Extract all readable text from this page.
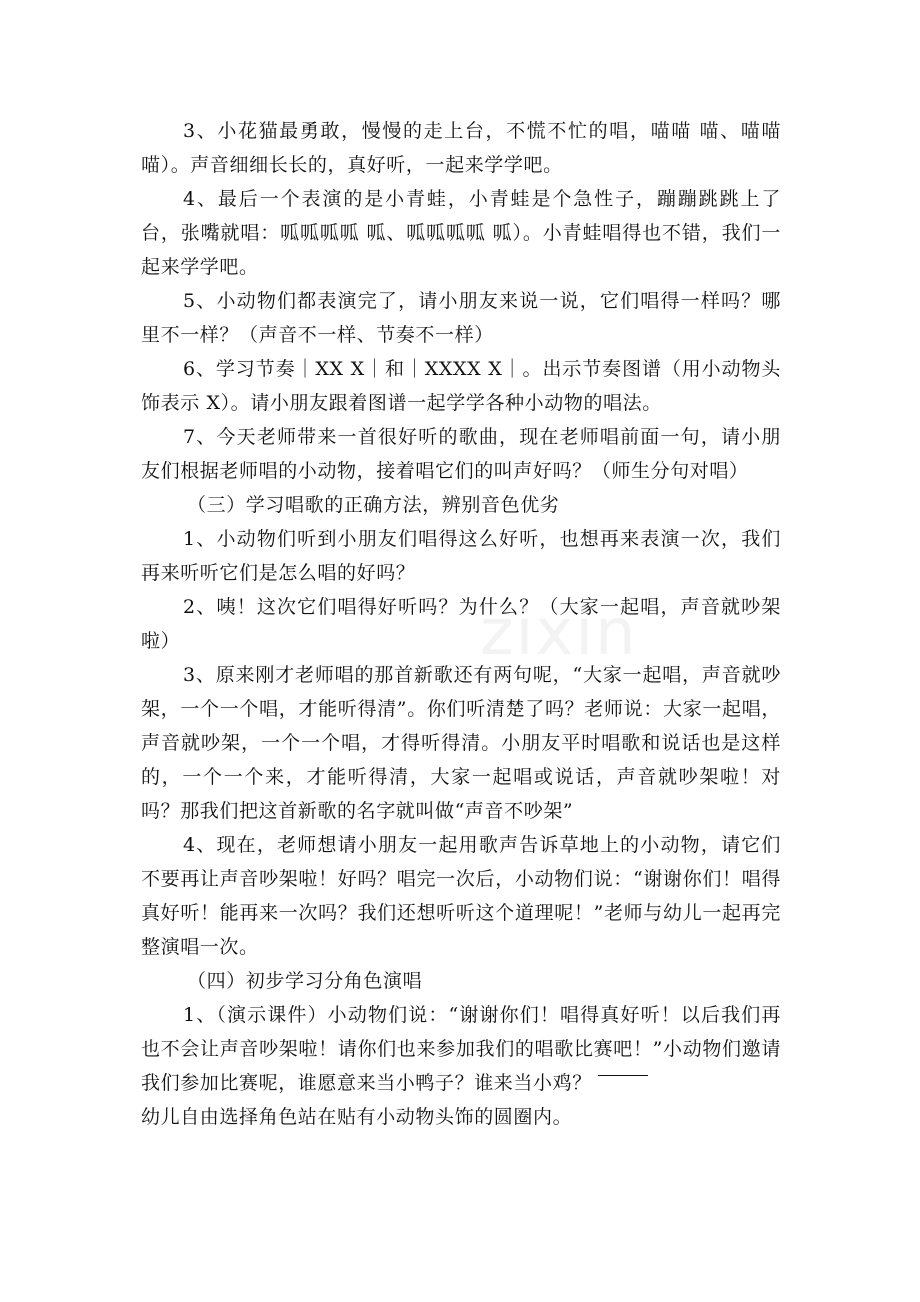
3、小花猫最勇敢，慢慢的走上台，不慌不忙的唱，喵喵 喵、喵喵 喵）。声音细细长长的，真好听，一起来学学吧。

4、最后一个表演的是小青蛙，小青蛙是个急性子，蹦蹦跳跳上了台，张嘴就唱：呱呱呱呱 呱、呱呱呱呱 呱）。小青蛙唱得也不错，我们一起来学学吧。

5、小动物们都表演完了，请小朋友来说一说，它们唱得一样吗？哪里不一样？（声音不一样、节奏不一样）

6、学习节奏｜XX X｜和｜XXXX X｜。出示节奏图谱（用小动物头饰表示 X）。请小朋友跟着图谱一起学学各种小动物的唱法。

7、今天老师带来一首很好听的歌曲，现在老师唱前面一句，请小朋友们根据老师唱的小动物，接着唱它们的叫声好吗？（师生分句对唱）

（三）学习唱歌的正确方法，辨别音色优劣

1、小动物们听到小朋友们唱得这么好听，也想再来表演一次，我们再来听听它们是怎么唱的好吗？

2、咦！这次它们唱得好听吗？为什么？（大家一起唱，声音就吵架啦）

3、原来刚才老师唱的那首新歌还有两句呢，“大家一起唱，声音就吵架，一个一个唱，才能听得清”。你们听清楚了吗？老师说：大家一起唱，声音就吵架，一个一个唱，才得听得清。小朋友平时唱歌和说话也是这样的，一个一个来，才能听得清，大家一起唱或说话，声音就吵架啦！对吗？那我们把这首新歌的名字就叫做“声音不吵架”

4、现在，老师想请小朋友一起用歌声告诉草地上的小动物，请它们不要再让声音吵架啦！好吗？唱完一次后，小动物们说：“谢谢你们！唱得真好听！能再来一次吗？我们还想听听这个道理呢！”老师与幼儿一起再完整演唱一次。

（四）初步学习分角色演唱

1、（演示课件）小动物们说：“谢谢你们！唱得真好听！以后我们再也不会让声音吵架啦！请你们也来参加我们的唱歌比赛吧！”小动物们邀请我们参加比赛呢，谁愿意来当小鸭子？谁来当小鸡？

幼儿自由选择角色站在贴有小动物头饰的圆圈内。

zixin
